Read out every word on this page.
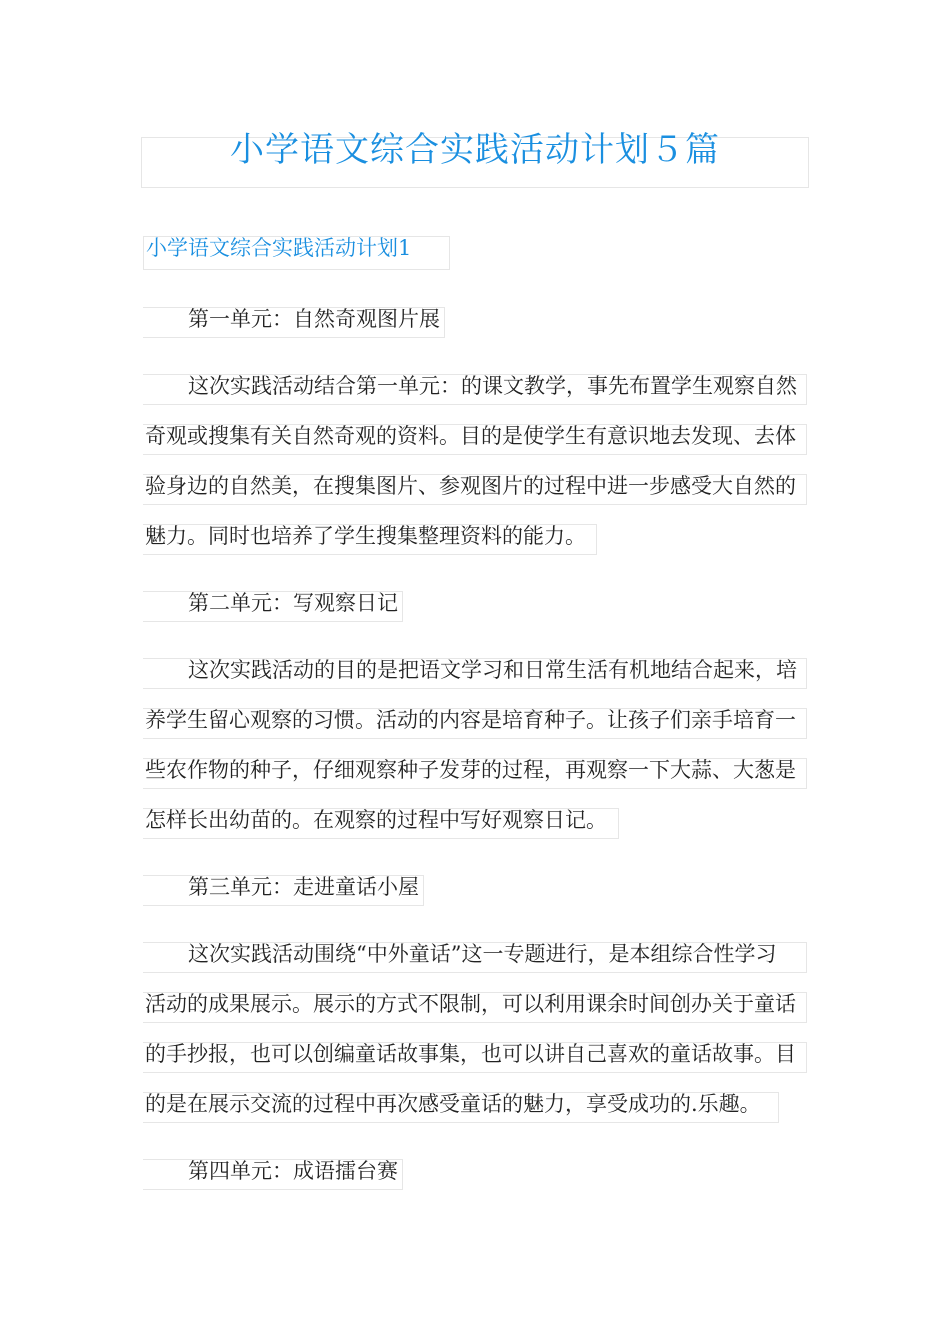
小学语文综合实践活动计划５篇
小学语文综合实践活动计划1
第一单元：自然奇观图片展
这次实践活动结合第一单元：的课文教学，事先布置学生观察自然
奇观或搜集有关自然奇观的资料。目的是使学生有意识地去发现、去体
验身边的自然美，在搜集图片、参观图片的过程中进一步感受大自然的
魅力。同时也培养了学生搜集整理资料的能力。
第二单元：写观察日记
这次实践活动的目的是把语文学习和日常生活有机地结合起来，培
养学生留心观察的习惯。活动的内容是培育种子。让孩子们亲手培育一
些农作物的种子，仔细观察种子发芽的过程，再观察一下大蒜、大葱是
怎样长出幼苗的。在观察的过程中写好观察日记。
第三单元：走进童话小屋
这次实践活动围绕“中外童话”这一专题进行，是本组综合性学习
活动的成果展示。展示的方式不限制，可以利用课余时间创办关于童话
的手抄报，也可以创编童话故事集，也可以讲自己喜欢的童话故事。目
的是在展示交流的过程中再次感受童话的魅力，享受成功的.乐趣。
第四单元：成语擂台赛
